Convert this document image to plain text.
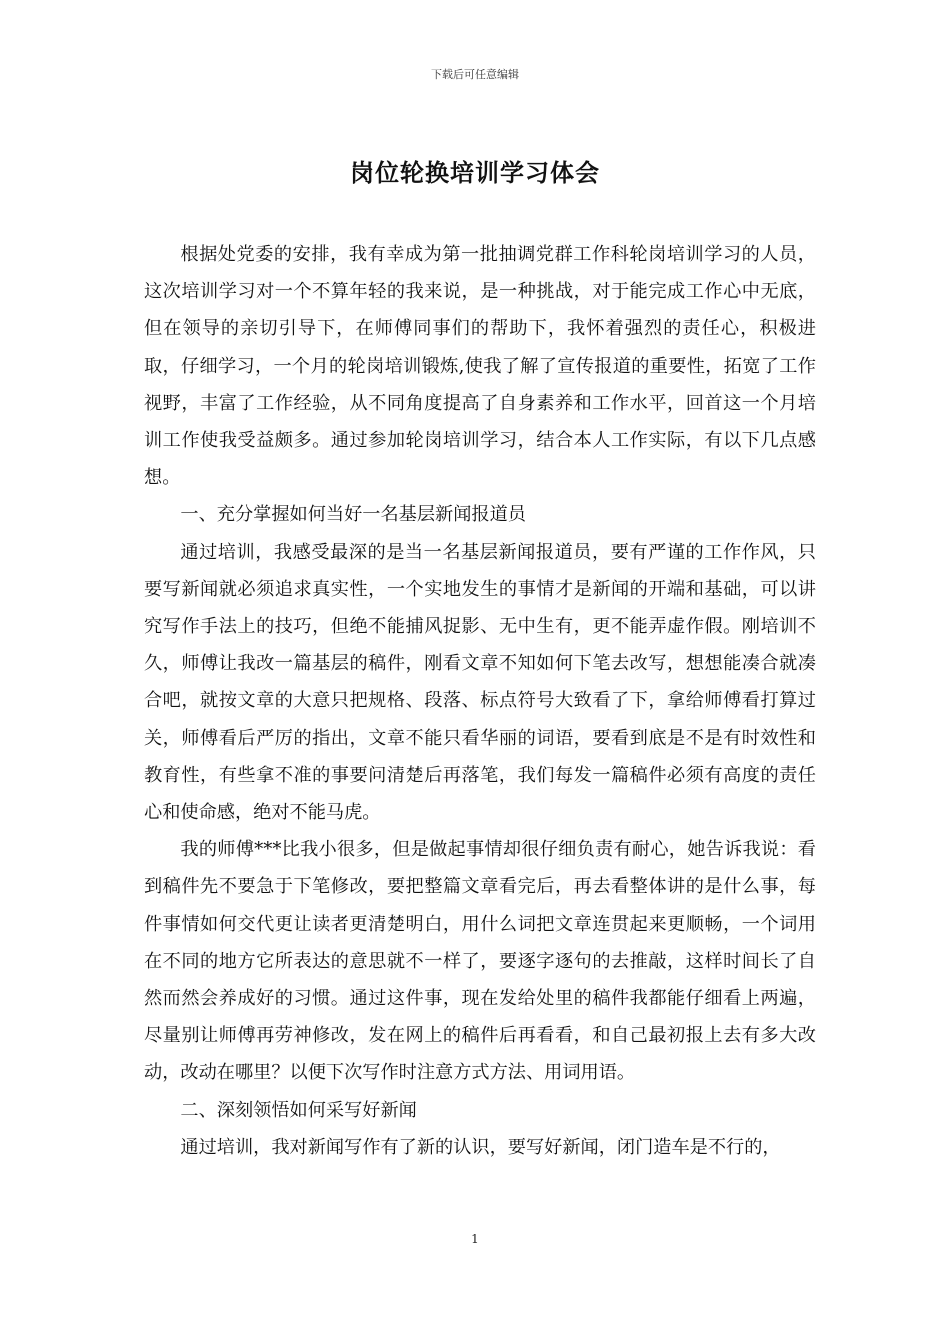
下载后可任意编辑
岗位轮换培训学习体会

根据处党委的安排，我有幸成为第一批抽调党群工作科轮岗培训学习的人员，这次培训学习对一个不算年轻的我来说，是一种挑战，对于能完成工作心中无底，但在领导的亲切引导下，在师傅同事们的帮助下，我怀着强烈的责任心，积极进取，仔细学习，一个月的轮岗培训锻炼,使我了解了宣传报道的重要性，拓宽了工作视野，丰富了工作经验，从不同角度提高了自身素养和工作水平，回首这一个月培训工作使我受益颇多。通过参加轮岗培训学习，结合本人工作实际，有以下几点感想。

一、充分掌握如何当好一名基层新闻报道员

通过培训，我感受最深的是当一名基层新闻报道员，要有严谨的工作作风，只要写新闻就必须追求真实性，一个实地发生的事情才是新闻的开端和基础，可以讲究写作手法上的技巧，但绝不能捕风捉影、无中生有，更不能弄虚作假。刚培训不久，师傅让我改一篇基层的稿件，刚看文章不知如何下笔去改写，想想能凑合就凑合吧，就按文章的大意只把规格、段落、标点符号大致看了下，拿给师傅看打算过关，师傅看后严厉的指出，文章不能只看华丽的词语，要看到底是不是有时效性和教育性，有些拿不准的事要问清楚后再落笔，我们每发一篇稿件必须有高度的责任心和使命感，绝对不能马虎。

我的师傅***比我小很多，但是做起事情却很仔细负责有耐心，她告诉我说：看到稿件先不要急于下笔修改，要把整篇文章看完后，再去看整体讲的是什么事，每件事情如何交代更让读者更清楚明白，用什么词把文章连贯起来更顺畅，一个词用在不同的地方它所表达的意思就不一样了，要逐字逐句的去推敲，这样时间长了自然而然会养成好的习惯。通过这件事，现在发给处里的稿件我都能仔细看上两遍，尽量别让师傅再劳神修改，发在网上的稿件后再看看，和自己最初报上去有多大改动，改动在哪里？以便下次写作时注意方式方法、用词用语。

二、深刻领悟如何采写好新闻

通过培训，我对新闻写作有了新的认识，要写好新闻，闭门造车是不行的，

1
